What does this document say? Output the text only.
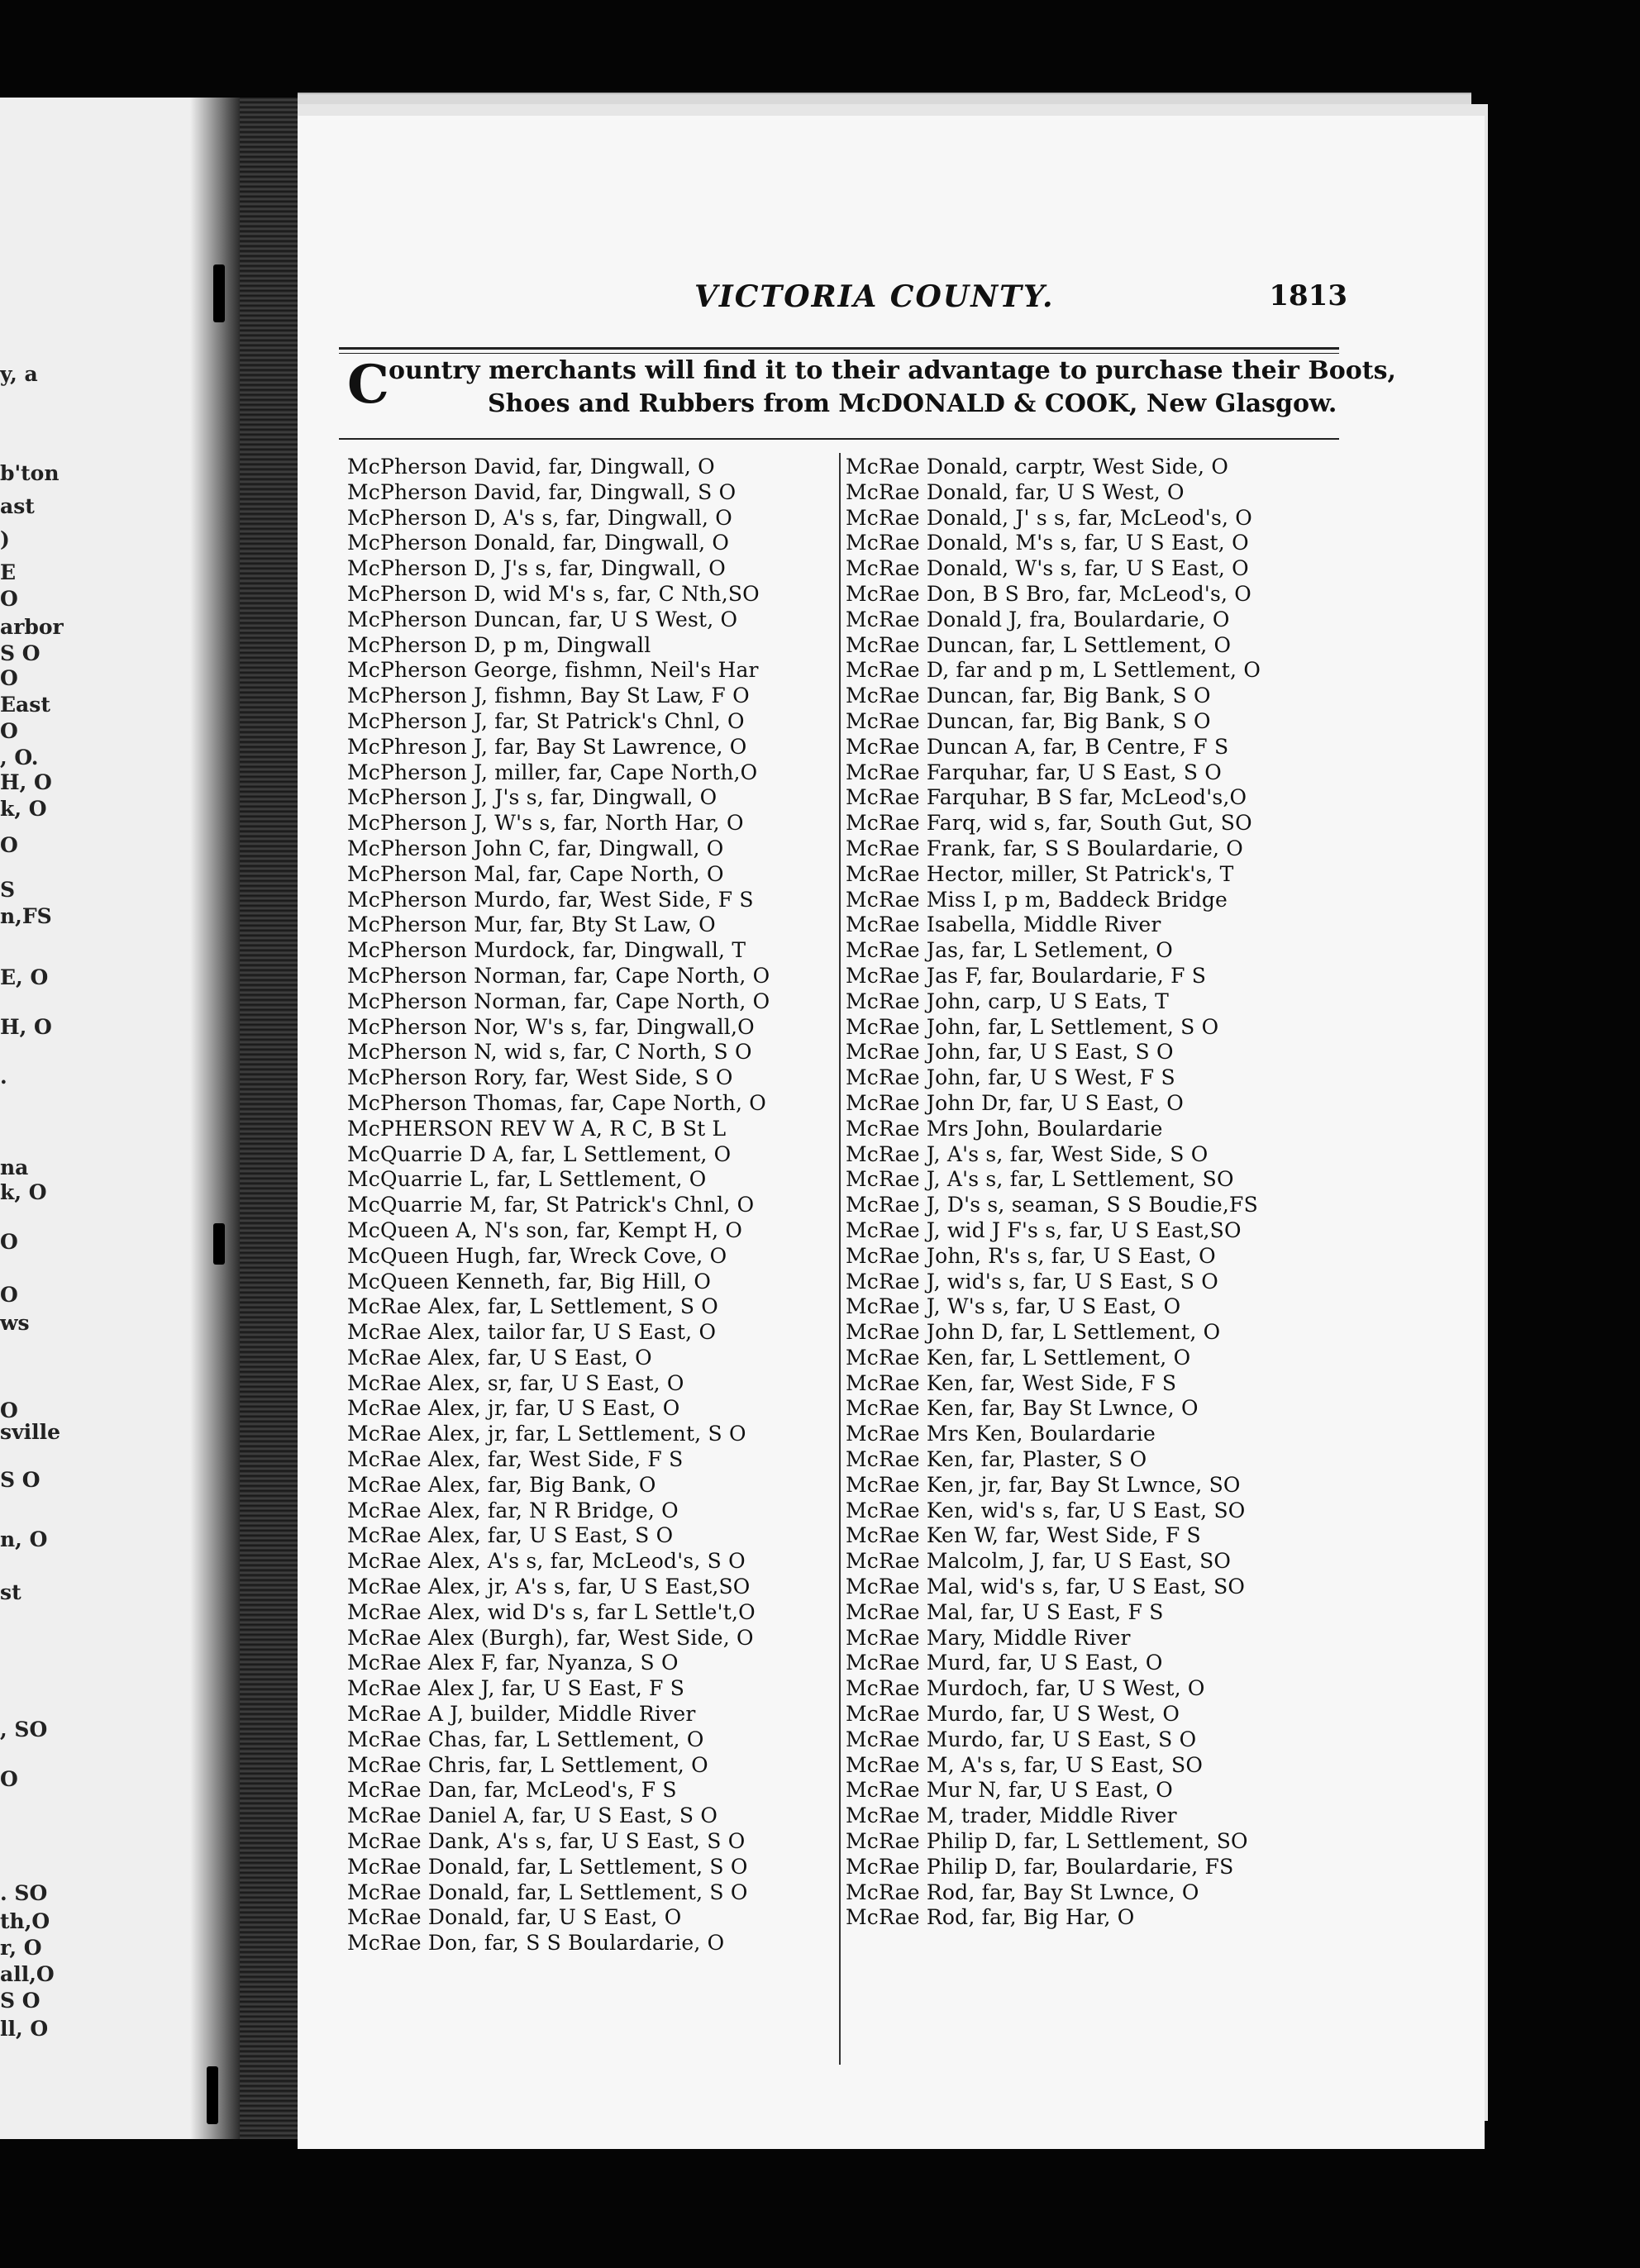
y, a
b'ton
ast
)
E
O
arbor
S O
O
East
O
, O.
H, O
k, O
O
S
n,FS
E, O
H, O
.
na
k, O
O
O
ws
O
sville
S O
n, O
st
, SO
O
. SO
th,O
r, O
all,O
S O
ll, O
VICTORIA COUNTY.	1813
C ountry merchants will find it to their advantage to purchase their Boots,
Shoes and Rubbers from McDONALD & COOK, New Glasgow.
McPherson David, far, Dingwall, O
McPherson David, far, Dingwall, S O
McPherson D, A's s, far, Dingwall, O
McPherson Donald, far, Dingwall, O
McPherson D, J's s, far, Dingwall, O
McPherson D, wid M's s, far, C Nth,SO
McPherson Duncan, far, U S West, O
McPherson D, p m, Dingwall
McPherson George, fishmn, Neil's Har
McPherson J, fishmn, Bay St Law, F O
McPherson J, far, St Patrick's Chnl, O
McPhreson J, far, Bay St Lawrence, O
McPherson J, miller, far, Cape North,O
McPherson J, J's s, far, Dingwall, O
McPherson J, W's s, far, North Har, O
McPherson John C, far, Dingwall, O
McPherson Mal, far, Cape North, O
McPherson Murdo, far, West Side, F S
McPherson Mur, far, Bty St Law, O
McPherson Murdock, far, Dingwall, T
McPherson Norman, far, Cape North, O
McPherson Norman, far, Cape North, O
McPherson Nor, W's s, far, Dingwall,O
McPherson N, wid s, far, C North, S O
McPherson Rory, far, West Side, S O
McPherson Thomas, far, Cape North, O
McPHERSON REV W A, R C, B St L
McQuarrie D A, far, L Settlement, O
McQuarrie L, far, L Settlement, O
McQuarrie M, far, St Patrick's Chnl, O
McQueen A, N's son, far, Kempt H, O
McQueen Hugh, far, Wreck Cove, O
McQueen Kenneth, far, Big Hill, O
McRae Alex, far, L Settlement, S O
McRae Alex, tailor far, U S East, O
McRae Alex, far, U S East, O
McRae Alex, sr, far, U S East, O
McRae Alex, jr, far, U S East, O
McRae Alex, jr, far, L Settlement, S O
McRae Alex, far, West Side, F S
McRae Alex, far, Big Bank, O
McRae Alex, far, N R Bridge, O
McRae Alex, far, U S East, S O
McRae Alex, A's s, far, McLeod's, S O
McRae Alex, jr, A's s, far, U S East,SO
McRae Alex, wid D's s, far L Settle't,O
McRae Alex (Burgh), far, West Side, O
McRae Alex F, far, Nyanza, S O
McRae Alex J, far, U S East, F S
McRae A J, builder, Middle River
McRae Chas, far, L Settlement, O
McRae Chris, far, L Settlement, O
McRae Dan, far, McLeod's, F S
McRae Daniel A, far, U S East, S O
McRae Dank, A's s, far, U S East, S O
McRae Donald, far, L Settlement, S O
McRae Donald, far, L Settlement, S O
McRae Donald, far, U S East, O
McRae Don, far, S S Boulardarie, O
McRae Donald, carptr, West Side, O
McRae Donald, far, U S West, O
McRae Donald, J' s s, far, McLeod's, O
McRae Donald, M's s, far, U S East, O
McRae Donald, W's s, far, U S East, O
McRae Don, B S Bro, far, McLeod's, O
McRae Donald J, fra, Boulardarie, O
McRae Duncan, far, L Settlement, O
McRae D, far and p m, L Settlement, O
McRae Duncan, far, Big Bank, S O
McRae Duncan, far, Big Bank, S O
McRae Duncan A, far, B Centre, F S
McRae Farquhar, far, U S East, S O
McRae Farquhar, B S far, McLeod's,O
McRae Farq, wid s, far, South Gut, SO
McRae Frank, far, S S Boulardarie, O
McRae Hector, miller, St Patrick's, T
McRae Miss I, p m, Baddeck Bridge
McRae Isabella, Middle River
McRae Jas, far, L Setlement, O
McRae Jas F, far, Boulardarie, F S
McRae John, carp, U S Eats, T
McRae John, far, L Settlement, S O
McRae John, far, U S East, S O
McRae John, far, U S West, F S
McRae John Dr, far, U S East, O
McRae Mrs John, Boulardarie
McRae J, A's s, far, West Side, S O
McRae J, A's s, far, L Settlement, SO
McRae J, D's s, seaman, S S Boudie,FS
McRae J, wid J F's s, far, U S East,SO
McRae John, R's s, far, U S East, O
McRae J, wid's s, far, U S East, S O
McRae J, W's s, far, U S East, O
McRae John D, far, L Settlement, O
McRae Ken, far, L Settlement, O
McRae Ken, far, West Side, F S
McRae Ken, far, Bay St Lwnce, O
McRae Mrs Ken, Boulardarie
McRae Ken, far, Plaster, S O
McRae Ken, jr, far, Bay St Lwnce, SO
McRae Ken, wid's s, far, U S East, SO
McRae Ken W, far, West Side, F S
McRae Malcolm, J, far, U S East, SO
McRae Mal, wid's s, far, U S East, SO
McRae Mal, far, U S East, F S
McRae Mary, Middle River
McRae Murd, far, U S East, O
McRae Murdoch, far, U S West, O
McRae Murdo, far, U S West, O
McRae Murdo, far, U S East, S O
McRae M, A's s, far, U S East, SO
McRae Mur N, far, U S East, O
McRae M, trader, Middle River
McRae Philip D, far, L Settlement, SO
McRae Philip D, far, Boulardarie, FS
McRae Rod, far, Bay St Lwnce, O
McRae Rod, far, Big Har, O
